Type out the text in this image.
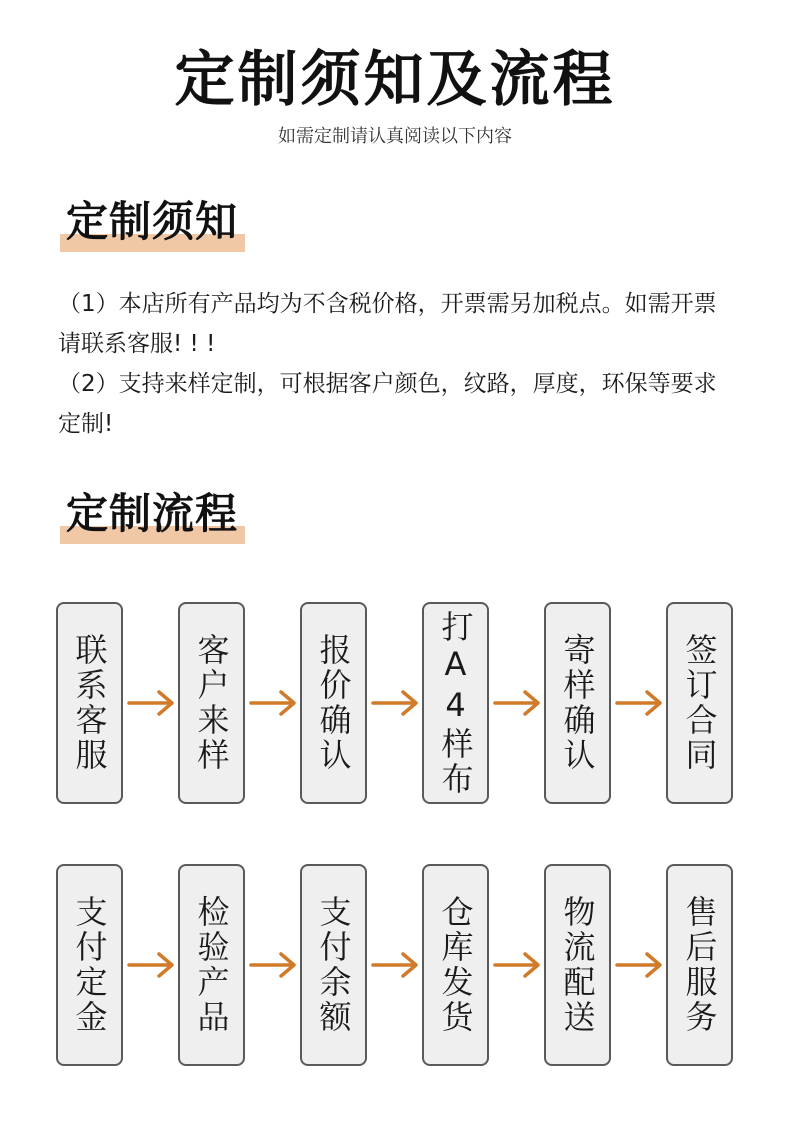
定制须知及流程
如需定制请认真阅读以下内容
定制须知

（1）本店所有产品均为不含税价格，开票需另加税点。如需开票请联系客服! ! !

（2）支持来样定制，可根据客户颜色，纹路，厚度，环保等要求定制!

定制流程
联系客服	客户来样	报价确认	打A4样布	寄样确认	签订合同
支付定金	检验产品	支付余额	仓库发货	物流配送	售后服务
